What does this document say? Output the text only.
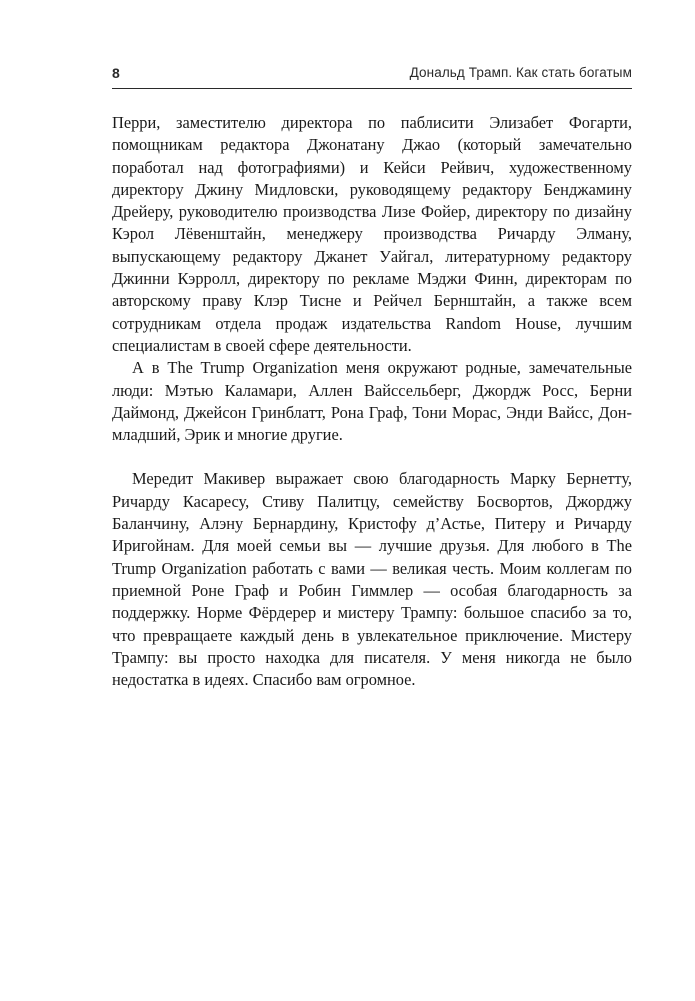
8	Дональд Трамп. Как стать богатым

Перри, заместителю директора по паблисити Элизабет Фогарти, помощникам редактора Джонатану Джао (который замечательно поработал над фотографиями) и Кейси Рейвич, художественному директору Джину Мидловски, руководящему редактору Бенджамину Дрейеру, руководителю производства Лизе Фойер, директору по дизайну Кэрол Лёвенштайн, менеджеру производства Ричарду Элману, выпускающему редактору Джанет Уайгал, литературному редактору Джинни Кэрролл, директору по рекламе Мэджи Финн, директорам по авторскому праву Клэр Тисне и Рейчел Бернштайн, а также всем сотрудникам отдела продаж издательства Random House, лучшим специалистам в своей сфере деятельности.

А в The Trump Organization меня окружают родные, замечательные люди: Мэтью Каламари, Аллен Вайссельберг, Джордж Росс, Берни Даймонд, Джейсон Гринблатт, Рона Граф, Тони Морас, Энди Вайсс, Дон-младший, Эрик и многие другие.

Мередит Макивер выражает свою благодарность Марку Бернетту, Ричарду Касаресу, Стиву Палитцу, семейству Босвортов, Джорджу Баланчину, Алэну Бернардину, Кристофу д’Астье, Питеру и Ричарду Иригойнам. Для моей семьи вы — лучшие друзья. Для любого в The Trump Organization работать с вами — великая честь. Моим коллегам по приемной Роне Граф и Робин Гиммлер — особая благодарность за поддержку. Норме Фёрдерер и мистеру Трампу: большое спасибо за то, что превращаете каждый день в увлекательное приключение. Мистеру Трампу: вы просто находка для писателя. У меня никогда не было недостатка в идеях. Спасибо вам огромное.
